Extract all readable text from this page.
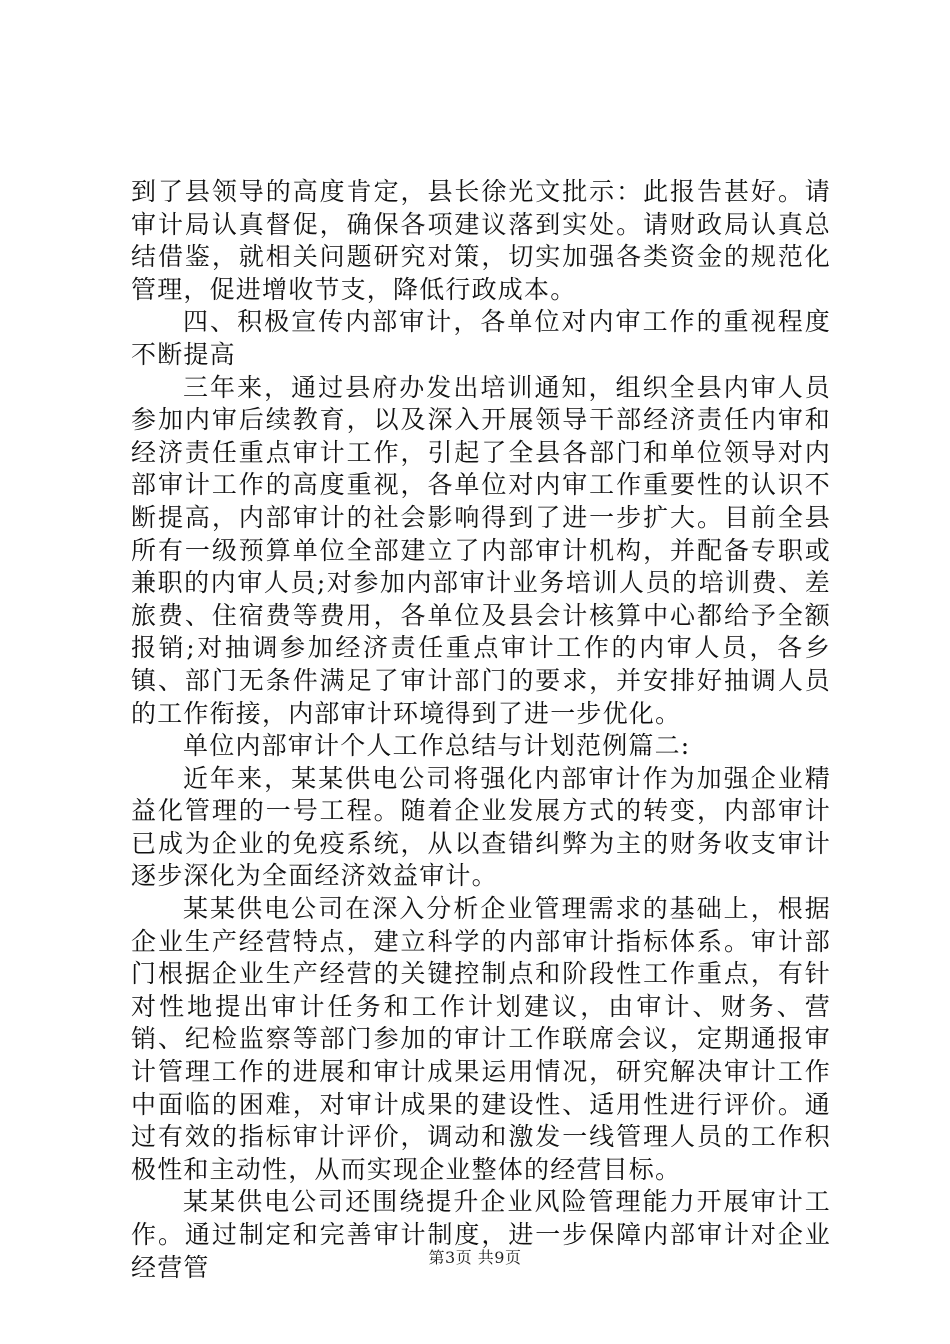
到了县领导的高度肯定，县长徐光文批示：此报告甚好。请审计局认真督促，确保各项建议落到实处。请财政局认真总结借鉴，就相关问题研究对策，切实加强各类资金的规范化管理，促进增收节支，降低行政成本。

四、积极宣传内部审计，各单位对内审工作的重视程度不断提高

三年来，通过县府办发出培训通知，组织全县内审人员参加内审后续教育，以及深入开展领导干部经济责任内审和经济责任重点审计工作，引起了全县各部门和单位领导对内部审计工作的高度重视，各单位对内审工作重要性的认识不断提高，内部审计的社会影响得到了进一步扩大。目前全县所有一级预算单位全部建立了内部审计机构，并配备专职或兼职的内审人员;对参加内部审计业务培训人员的培训费、差旅费、住宿费等费用，各单位及县会计核算中心都给予全额报销;对抽调参加经济责任重点审计工作的内审人员，各乡镇、部门无条件满足了审计部门的要求，并安排好抽调人员的工作衔接，内部审计环境得到了进一步优化。

单位内部审计个人工作总结与计划范例篇二:

近年来，某某供电公司将强化内部审计作为加强企业精益化管理的一号工程。随着企业发展方式的转变，内部审计已成为企业的免疫系统，从以查错纠弊为主的财务收支审计逐步深化为全面经济效益审计。

某某供电公司在深入分析企业管理需求的基础上，根据企业生产经营特点，建立科学的内部审计指标体系。审计部门根据企业生产经营的关键控制点和阶段性工作重点，有针对性地提出审计任务和工作计划建议，由审计、财务、营销、纪检监察等部门参加的审计工作联席会议，定期通报审计管理工作的进展和审计成果运用情况，研究解决审计工作中面临的困难，对审计成果的建设性、适用性进行评价。通过有效的指标审计评价，调动和激发一线管理人员的工作积极性和主动性，从而实现企业整体的经营目标。

某某供电公司还围绕提升企业风险管理能力开展审计工作。通过制定和完善审计制度，进一步保障内部审计对企业经营管	第3页 共9页
